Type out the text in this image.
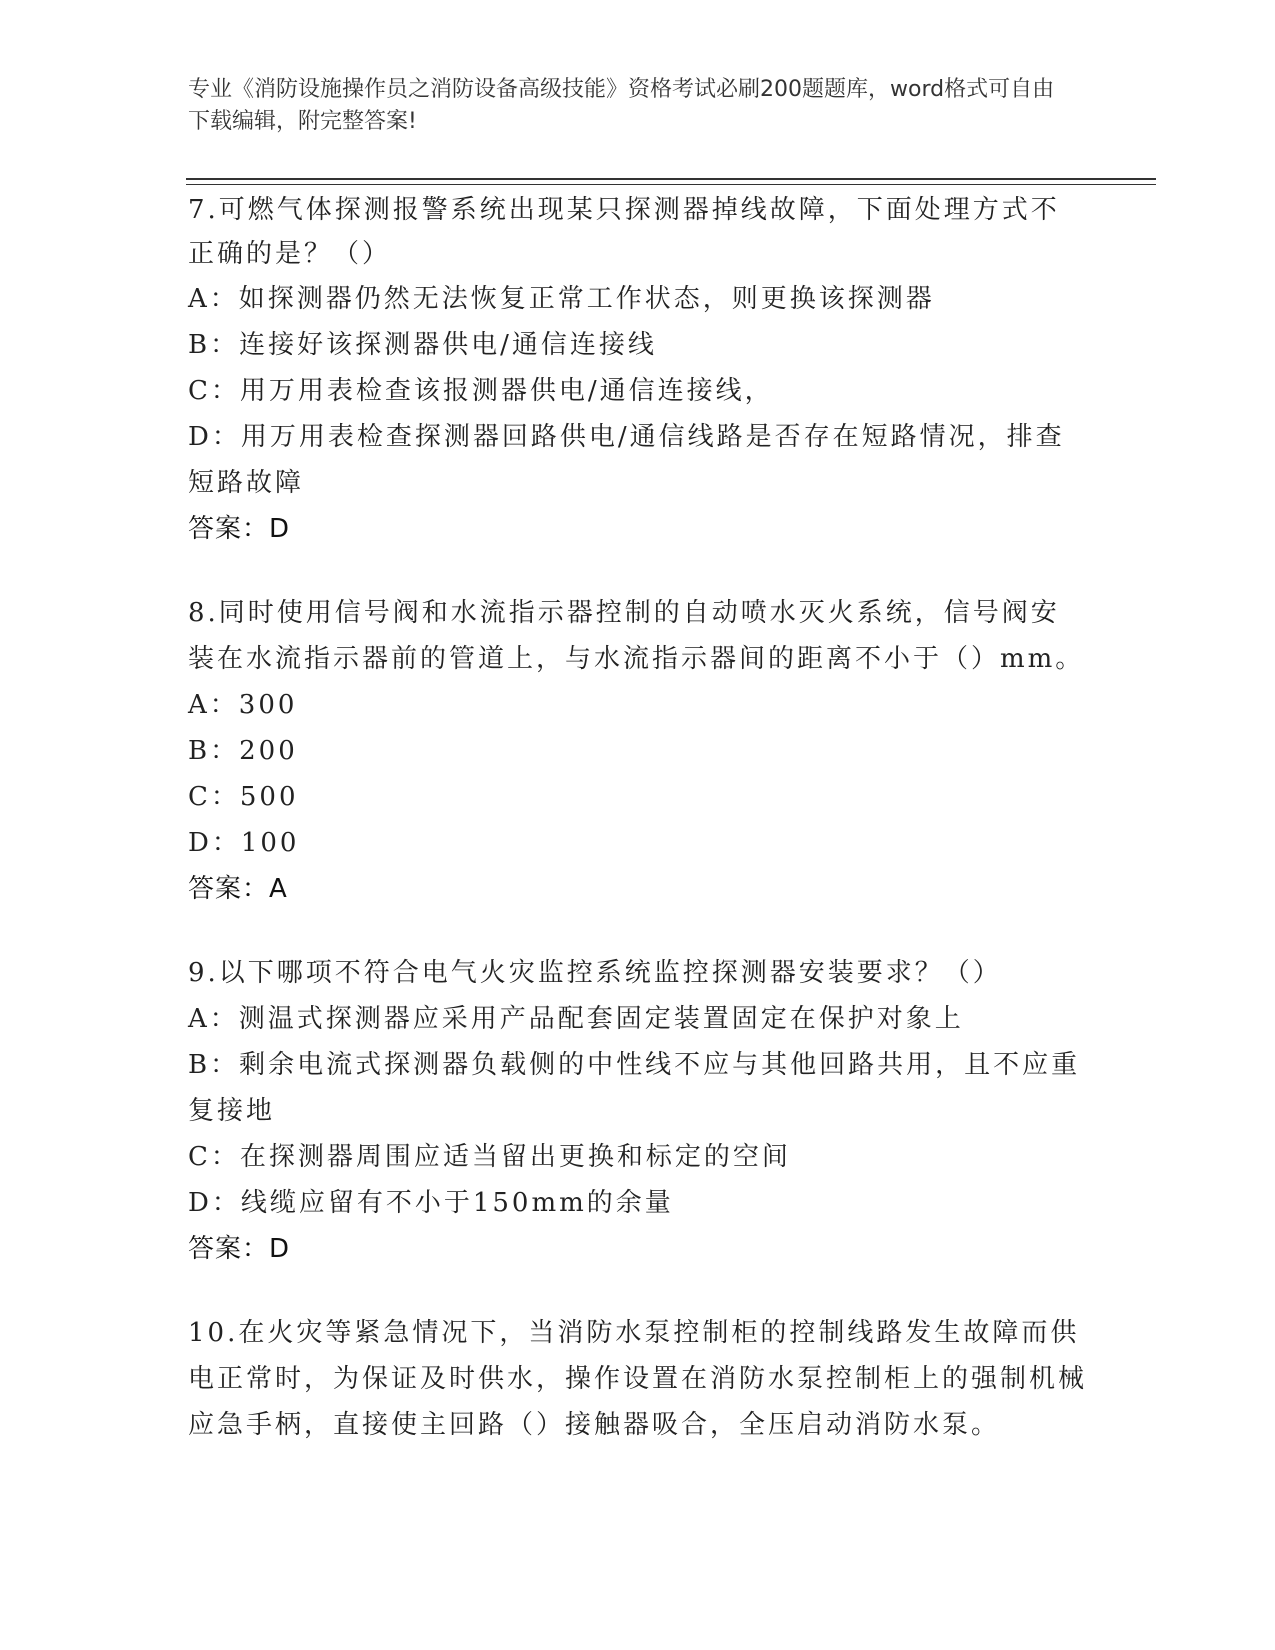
专业《消防设施操作员之消防设备高级技能》资格考试必刷200题题库，word格式可自由下载编辑，附完整答案!

7.可燃气体探测报警系统出现某只探测器掉线故障，下面处理方式不正确的是？（）

A：如探测器仍然无法恢复正常工作状态，则更换该探测器

B：连接好该探测器供电/通信连接线

C：用万用表检查该报测器供电/通信连接线，

D：用万用表检查探测器回路供电/通信线路是否存在短路情况，排查短路故障

答案：D

8.同时使用信号阀和水流指示器控制的自动喷水灭火系统，信号阀安装在水流指示器前的管道上，与水流指示器间的距离不小于（）mm。

A：300

B：200

C：500

D：100

答案：A

9.以下哪项不符合电气火灾监控系统监控探测器安装要求？（）

A：测温式探测器应采用产品配套固定装置固定在保护对象上

B：剩余电流式探测器负载侧的中性线不应与其他回路共用，且不应重复接地

C：在探测器周围应适当留出更换和标定的空间

D：线缆应留有不小于150mm的余量

答案：D

10.在火灾等紧急情况下，当消防水泵控制柜的控制线路发生故障而供电正常时，为保证及时供水，操作设置在消防水泵控制柜上的强制机械应急手柄，直接使主回路（）接触器吸合，全压启动消防水泵。
